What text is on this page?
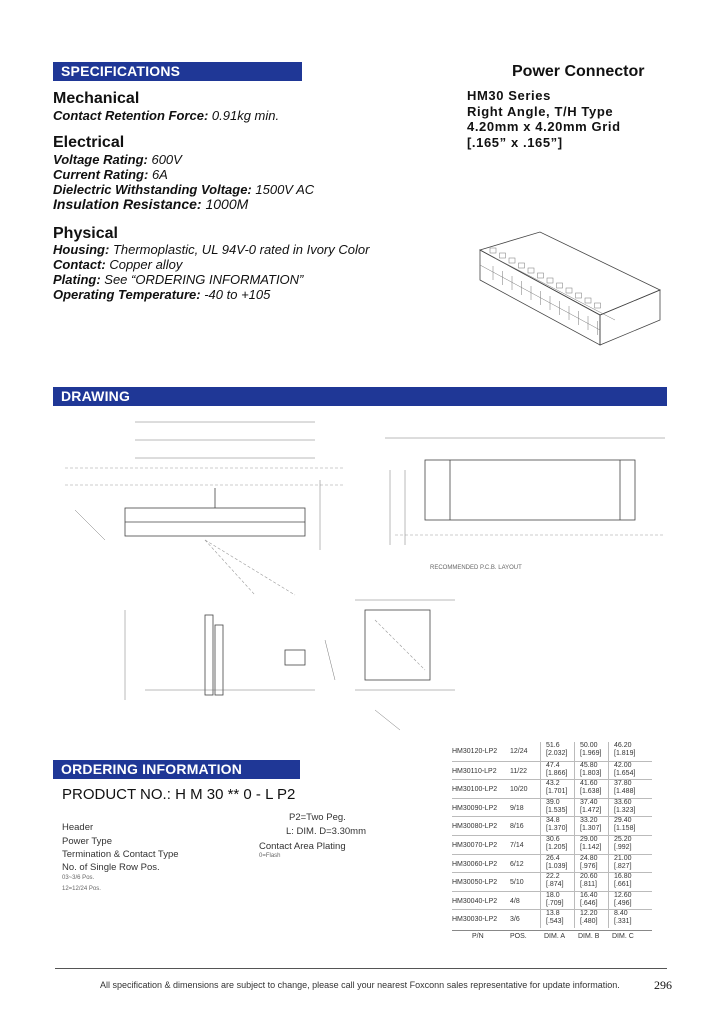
SPECIFICATIONS	Power Connector
HM30 Series
Right Angle, T/H Type
4.20mm x 4.20mm Grid
[.165” x .165”]
Mechanical
Contact Retention Force: 0.91kg min.
Electrical
Voltage Rating: 600V
Current Rating: 6A
Dielectric Withstanding Voltage: 1500V AC
Insulation Resistance: 1000M
Physical
Housing: Thermoplastic, UL 94V-0 rated in Ivory Color
Contact: Copper alloy
Plating: See “ORDERING INFORMATION”
Operating Temperature: -40 to +105
DRAWING
RECOMMENDED P.C.B. LAYOUT
ORDERING INFORMATION
PRODUCT NO.: H M 30 ** 0 - L P2
P2=Two Peg.
L: DIM. D=3.30mm
Header
Power Type	Contact Area Plating
0=Flash
Termination & Contact Type
No. of Single Row Pos.
03~3/6 Pos.
12=12/24 Pos.
HM30120-LP2 12/24
51.6
[2.032]
50.00
[1.969]
46.20
[1.819]
HM30110-LP2 11/22
47.4
[1.866]
45.80
[1.803]
42.00
[1.654]
HM30100-LP2 10/20
43.2
[1.701]
41.60
[1.638]
37.80
[1.488]
HM30090-LP2 9/18
39.0
[1.535]
37.40
[1.472]
33.60
[1.323]
HM30080-LP2 8/16
34.8
[1.370]
33.20
[1.307]
29.40
[1.158]
HM30070-LP2 7/14
30.6
[1.205]
29.00
[1.142]
25.20
[.992]
HM30060-LP2 6/12
26.4
[1.039]
24.80
[.976]
21.00
[.827]
HM30050-LP2 5/10
22.2
[.874]
20.60
[.811]
16.80
[.661]
HM30040-LP2 4/8
18.0
[.709]
16.40
[.646]
12.60
[.496]
HM30030-LP2 3/6
13.8
[.543]
12.20
[.480]
8.40
[.331]
P/N	POS. DIM. A DIM. B DIM. C
All specification & dimensions are subject to change, please call your nearest Foxconn sales representative for update information.	296
